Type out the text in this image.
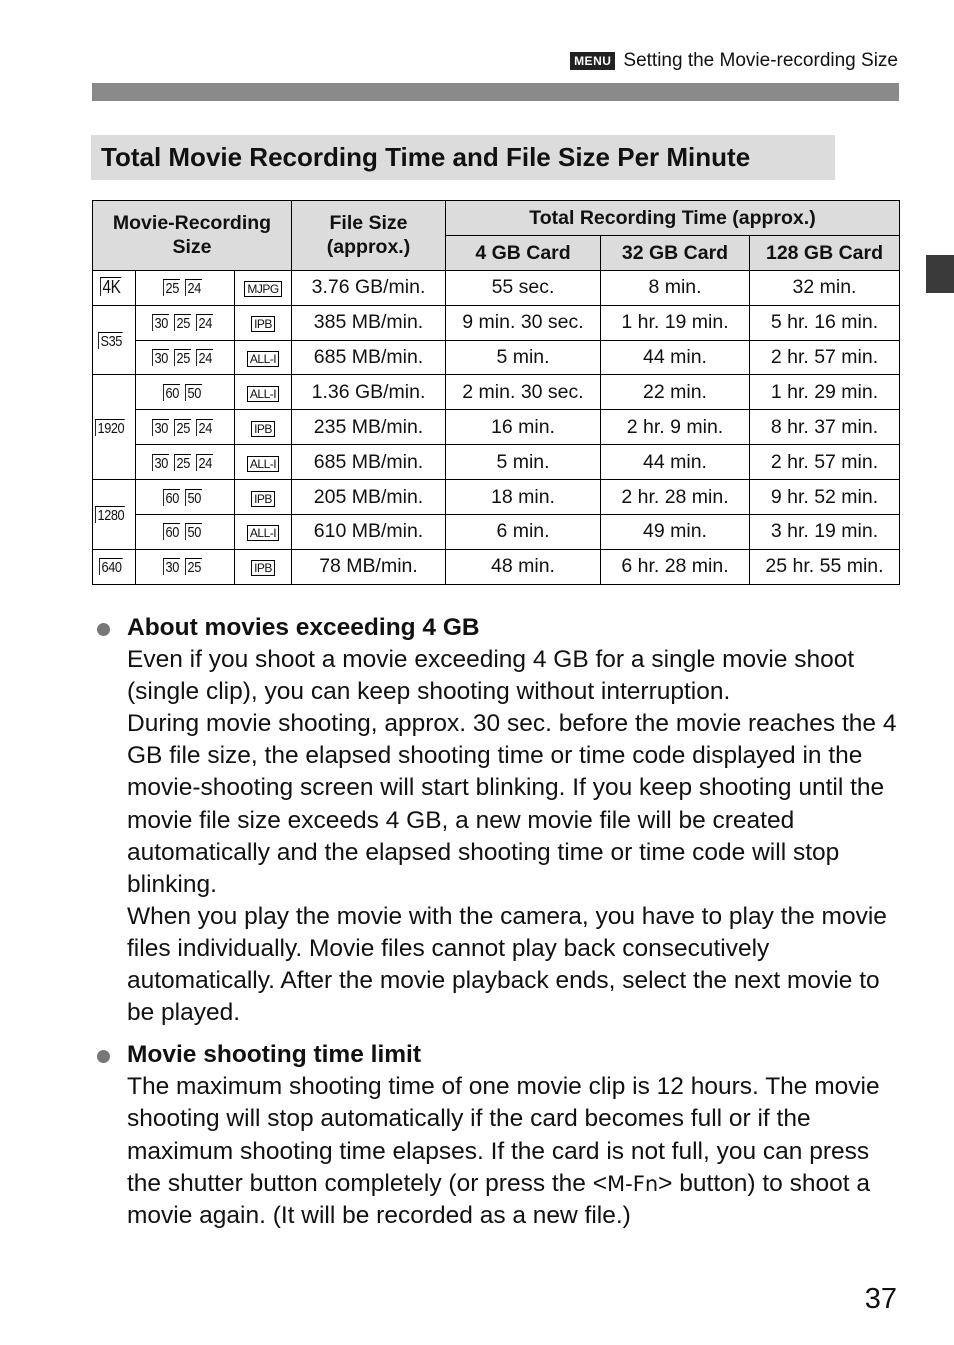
MENU Setting the Movie-recording Size
Total Movie Recording Time and File Size Per Minute
Movie-Recording Size			File Size (approx.)	Total Recording Time (approx.)		
				4 GB Card	32 GB Card	128 GB Card
4K	25 24	MJPG	3.76 GB/min.	55 sec.	8 min.	32 min.
S35	30 25 24	IPB	385 MB/min.	9 min. 30 sec.	1 hr. 19 min.	5 hr. 16 min.
	30 25 24	ALL-I	685 MB/min.	5 min.	44 min.	2 hr. 57 min.
1920	60 50	ALL-I	1.36 GB/min.	2 min. 30 sec.	22 min.	1 hr. 29 min.
	30 25 24	IPB	235 MB/min.	16 min.	2 hr. 9 min.	8 hr. 37 min.
	30 25 24	ALL-I	685 MB/min.	5 min.	44 min.	2 hr. 57 min.
1280	60 50	IPB	205 MB/min.	18 min.	2 hr. 28 min.	9 hr. 52 min.
	60 50	ALL-I	610 MB/min.	6 min.	49 min.	3 hr. 19 min.
640	30 25	IPB	78 MB/min.	48 min.	6 hr. 28 min.	25 hr. 55 min.
About movies exceeding 4 GB

Even if you shoot a movie exceeding 4 GB for a single movie shoot (single clip), you can keep shooting without interruption.

During movie shooting, approx. 30 sec. before the movie reaches the 4 GB file size, the elapsed shooting time or time code displayed in the movie-shooting screen will start blinking. If you keep shooting until the movie file size exceeds 4 GB, a new movie file will be created automatically and the elapsed shooting time or time code will stop blinking.

When you play the movie with the camera, you have to play the movie files individually. Movie files cannot play back consecutively automatically. After the movie playback ends, select the next movie to be played.

Movie shooting time limit

The maximum shooting time of one movie clip is 12 hours. The movie shooting will stop automatically if the card becomes full or if the maximum shooting time elapses. If the card is not full, you can press the shutter button completely (or press the <M-Fn> button) to shoot a movie again. (It will be recorded as a new file.)

37
